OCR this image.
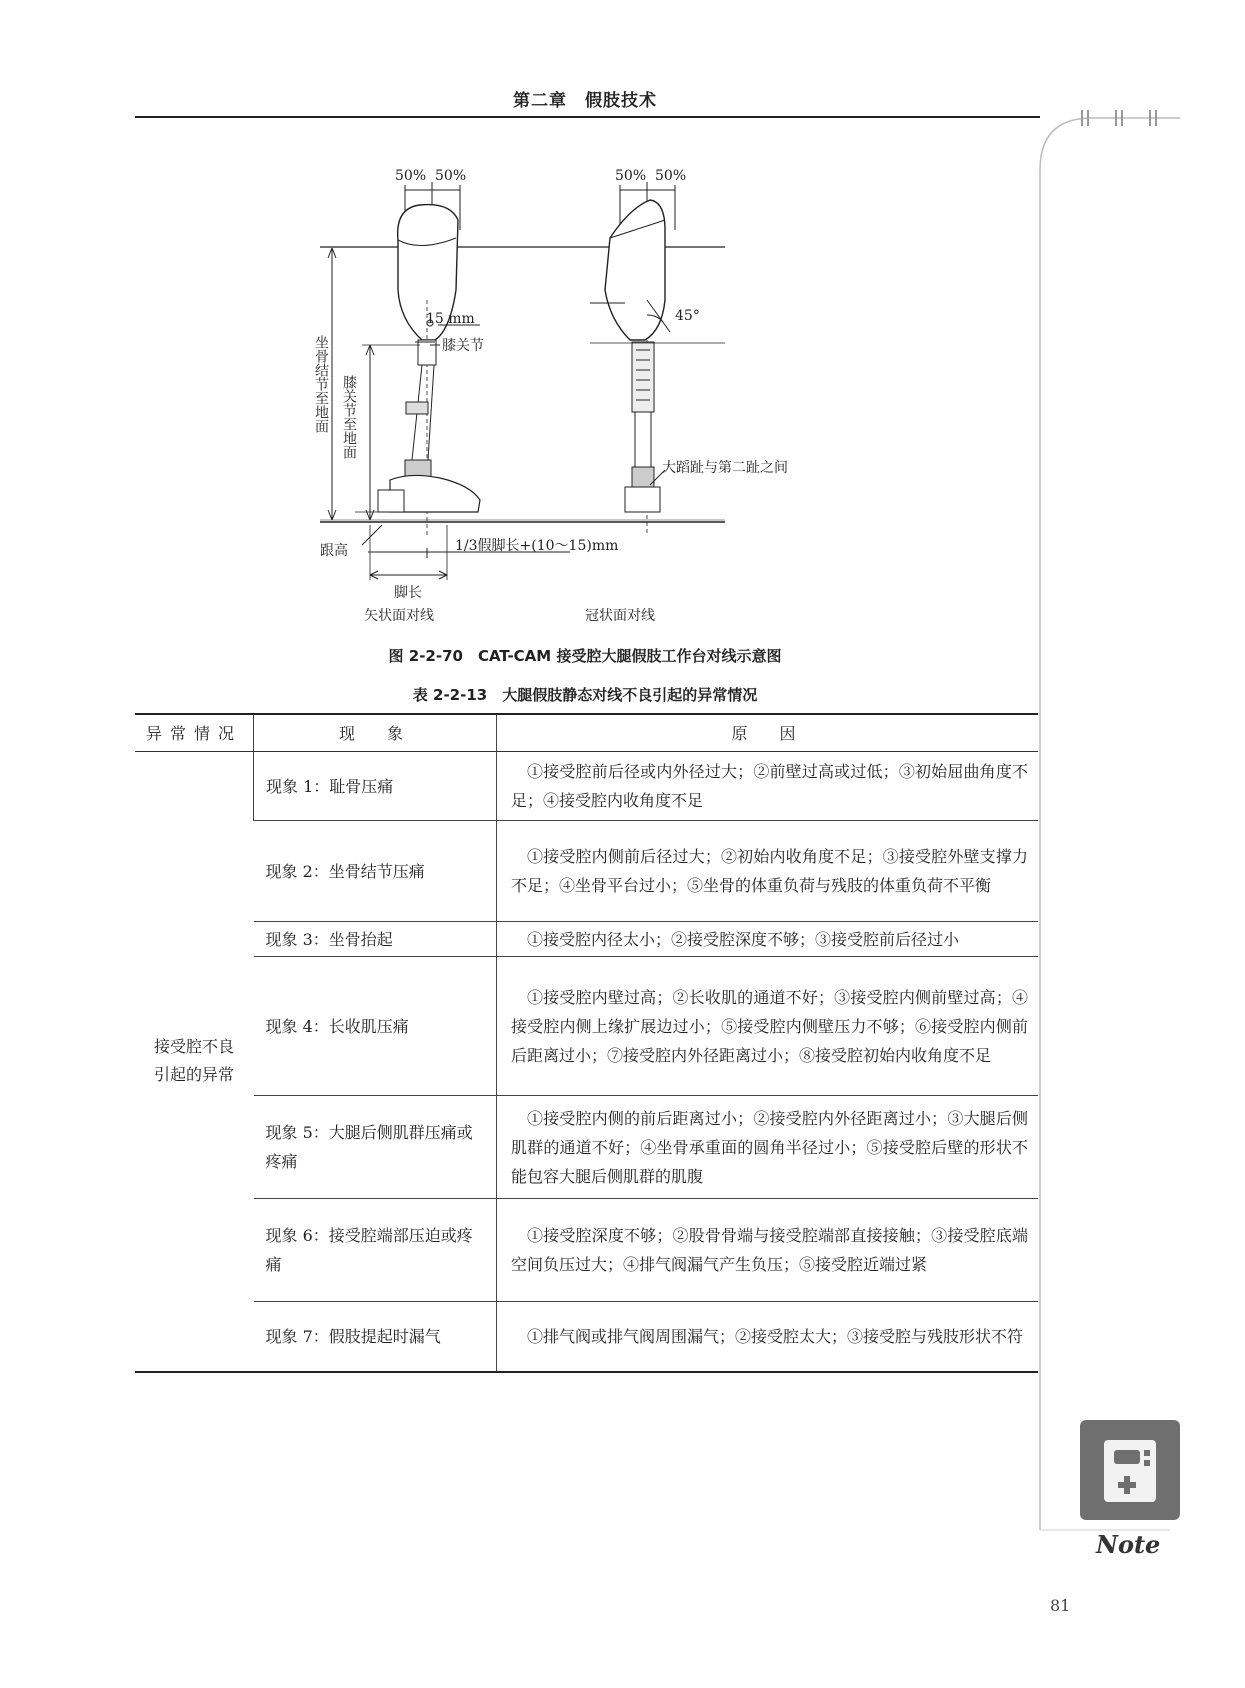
第二章　假肢技术
50% 50%	50% 50%
45°
15 mm
膝关节
坐骨结节至地面 膝关节至地面
大蹈趾与第二趾之间
跟高	1/3假脚长+(10～15)mm
脚长
矢状面对线	冠状面对线
图 2-2-70　CAT-CAM 接受腔大腿假肢工作台对线示意图
表 2-2-13　大腿假肢静态对线不良引起的异常情况
异常情况	现　象	原　因

接受腔不良引起的异常	现象 1：耻骨压痛	①接受腔前后径或内外径过大；②前壁过高或过低；③初始屈曲角度不足；④接受腔内收角度不足
	现象 2：坐骨结节压痛	①接受腔内侧前后径过大；②初始内收角度不足；③接受腔外壁支撑力不足；④坐骨平台过小；⑤坐骨的体重负荷与残肢的体重负荷不平衡
	现象 3：坐骨抬起	①接受腔内径太小；②接受腔深度不够；③接受腔前后径过小
	现象 4：长收肌压痛	①接受腔内壁过高；②长收肌的通道不好；③接受腔内侧前壁过高；④接受腔内侧上缘扩展边过小；⑤接受腔内侧壁压力不够；⑥接受腔内侧前后距离过小；⑦接受腔内外径距离过小；⑧接受腔初始内收角度不足
	现象 5：大腿后侧肌群压痛或疼痛	①接受腔内侧的前后距离过小；②接受腔内外径距离过小；③大腿后侧肌群的通道不好；④坐骨承重面的圆角半径过小；⑤接受腔后壁的形状不能包容大腿后侧肌群的肌腹
	现象 6：接受腔端部压迫或疼痛	①接受腔深度不够；②股骨骨端与接受腔端部直接接触；③接受腔底端空间负压过大；④排气阀漏气产生负压；⑤接受腔近端过紧
	现象 7：假肢提起时漏气	①排气阀或排气阀周围漏气；②接受腔太大；③接受腔与残肢形状不符
Note
81
